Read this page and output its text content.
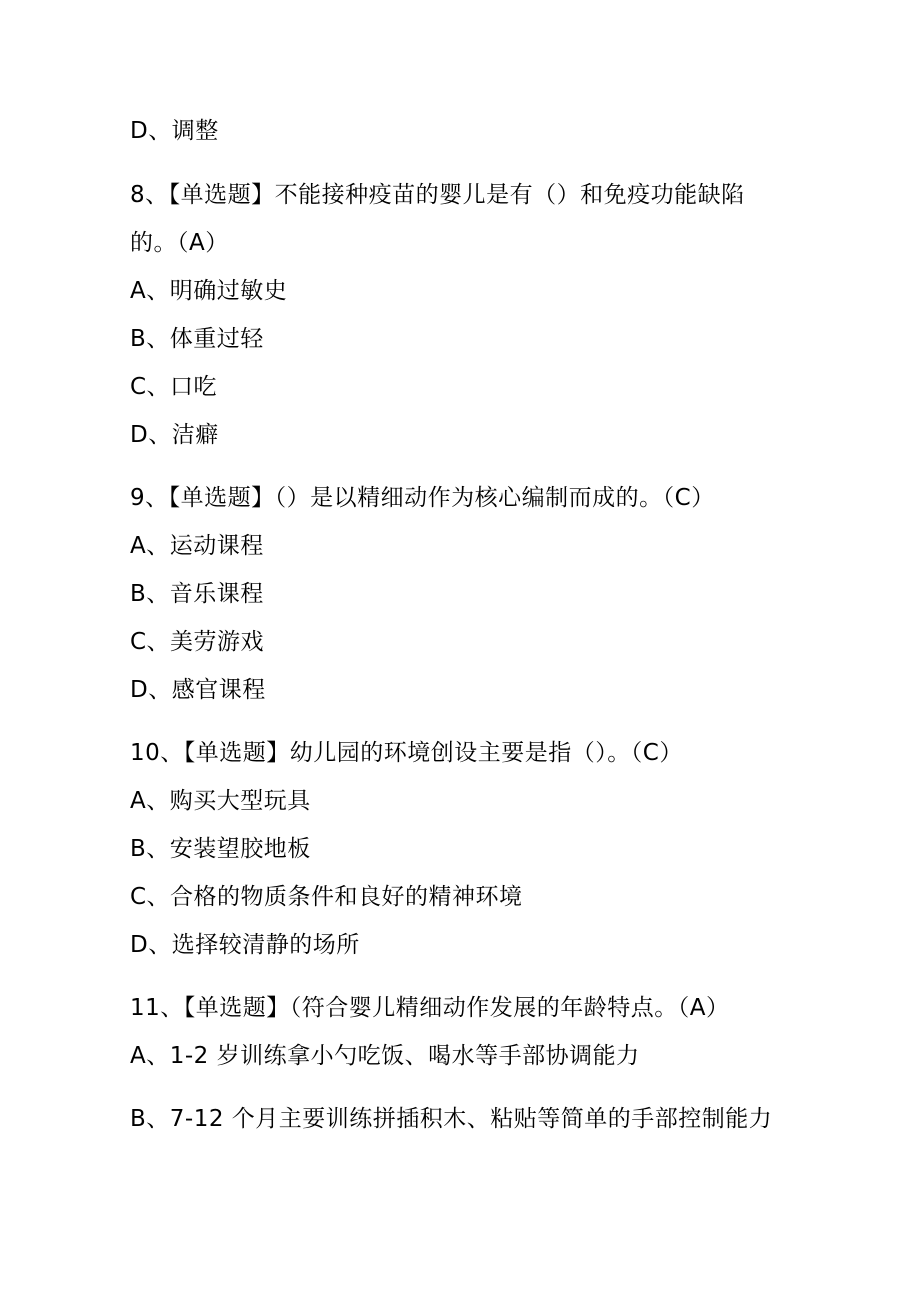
D、调整
8、【单选题】不能接种疫苗的婴儿是有（）和免疫功能缺陷
的。（A）
A、明确过敏史
B、体重过轻
C、口吃
D、洁癖
9、【单选题】（）是以精细动作为核心编制而成的。（C）
A、运动课程
B、音乐课程
C、美劳游戏
D、感官课程
10、【单选题】幼儿园的环境创设主要是指（）。（C）
A、购买大型玩具
B、安装望胶地板
C、合格的物质条件和良好的精神环境
D、选择较清静的场所
11、【单选题】（符合婴儿精细动作发展的年龄特点。（A）
A、1-2 岁训练拿小勺吃饭、喝水等手部协调能力
B、7-12 个月主要训练拼插积木、粘贴等简单的手部控制能力
